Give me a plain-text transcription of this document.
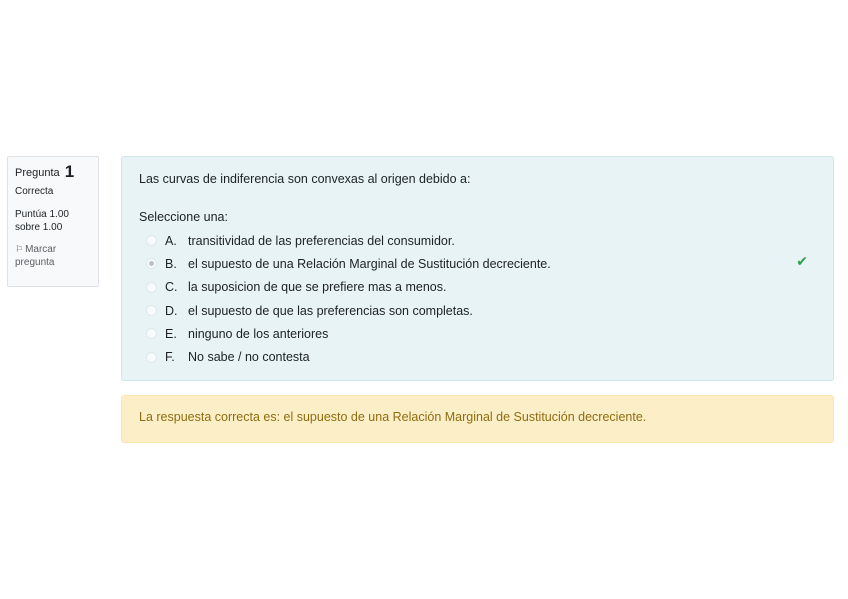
Pregunta 1
Correcta
Puntúa 1.00
sobre 1.00
⚐ Marcar
pregunta
Las curvas de indiferencia son convexas al origen debido a:
Seleccione una:
A. transitividad de las preferencias del consumidor.
B. el supuesto de una Relación Marginal de Sustitución decreciente.
C. la suposicion de que se prefiere mas a menos.
D. el supuesto de que las preferencias son completas.
E. ninguno de los anteriores
F.	No sabe / no contesta
✔
La respuesta correcta es: el supuesto de una Relación Marginal de Sustitución decreciente.
